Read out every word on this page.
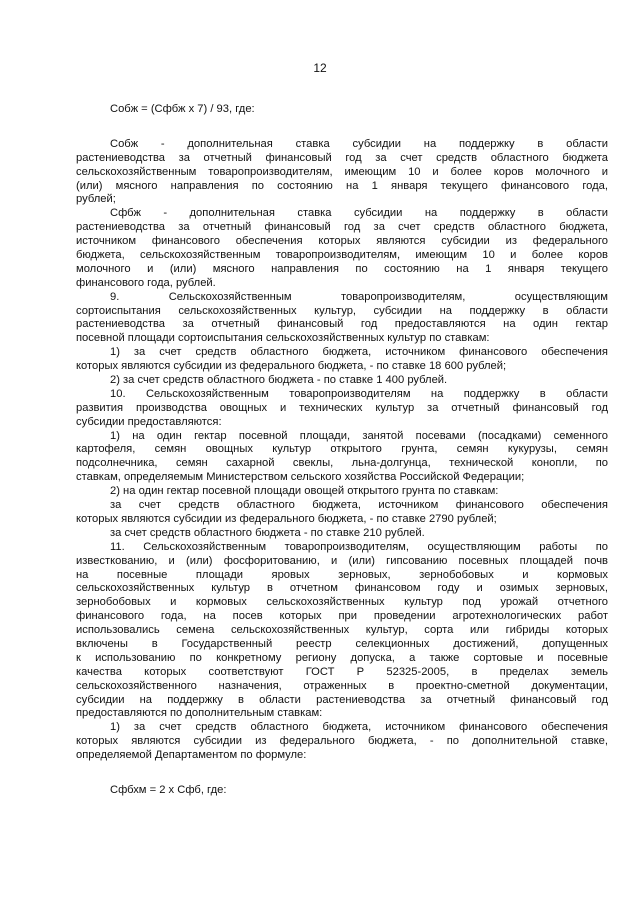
12
Собж = (Сфбж х 7) / 93, где:
Собж - дополнительная ставка субсидии на поддержку в области
растениеводства за отчетный финансовый год за счет средств областного бюджета
сельскохозяйственным товаропроизводителям, имеющим 10 и более коров молочного и
(или) мясного направления по состоянию на 1 января текущего финансового года,
рублей;
Сфбж - дополнительная ставка субсидии на поддержку в области
растениеводства за отчетный финансовый год за счет средств областного бюджета,
источником финансового обеспечения которых являются субсидии из федерального
бюджета, сельскохозяйственным товаропроизводителям, имеющим 10 и более коров
молочного и (или) мясного направления по состоянию на 1 января текущего
финансового года, рублей.
9. Сельскохозяйственным товаропроизводителям, осуществляющим
сортоиспытания сельскохозяйственных культур, субсидии на поддержку в области
растениеводства за отчетный финансовый год предоставляются на один гектар
посевной площади сортоиспытания сельскохозяйственных культур по ставкам:
1) за счет средств областного бюджета, источником финансового обеспечения
которых являются субсидии из федерального бюджета, - по ставке 18 600 рублей;
2) за счет средств областного бюджета - по ставке 1 400 рублей.
10. Сельскохозяйственным товаропроизводителям на поддержку в области
развития производства овощных и технических культур за отчетный финансовый год
субсидии предоставляются:
1) на один гектар посевной площади, занятой посевами (посадками) семенного
картофеля, семян овощных культур открытого грунта, семян кукурузы, семян
подсолнечника, семян сахарной свеклы, льна-долгунца, технической конопли, по
ставкам, определяемым Министерством сельского хозяйства Российской Федерации;
2) на один гектар посевной площади овощей открытого грунта по ставкам:
за счет средств областного бюджета, источником финансового обеспечения
которых являются субсидии из федерального бюджета, - по ставке 2790 рублей;
за счет средств областного бюджета - по ставке 210 рублей.
11. Сельскохозяйственным товаропроизводителям, осуществляющим работы по
известкованию, и (или) фосфоритованию, и (или) гипсованию посевных площадей почв
на посевные площади яровых зерновых, зернобобовых и кормовых
сельскохозяйственных культур в отчетном финансовом году и озимых зерновых,
зернобобовых и кормовых сельскохозяйственных культур под урожай отчетного
финансового года, на посев которых при проведении агротехнологических работ
использовались семена сельскохозяйственных культур, сорта или гибриды которых
включены в Государственный реестр селекционных достижений, допущенных
к использованию по конкретному региону допуска, а также сортовые и посевные
качества которых соответствуют ГОСТ Р 52325-2005, в пределах земель
сельскохозяйственного назначения, отраженных в проектно-сметной документации,
субсидии на поддержку в области растениеводства за отчетный финансовый год
предоставляются по дополнительным ставкам:
1) за счет средств областного бюджета, источником финансового обеспечения
которых являются субсидии из федерального бюджета, - по дополнительной ставке,
определяемой Департаментом по формуле:
Сфбхм = 2 х Сфб, где:
